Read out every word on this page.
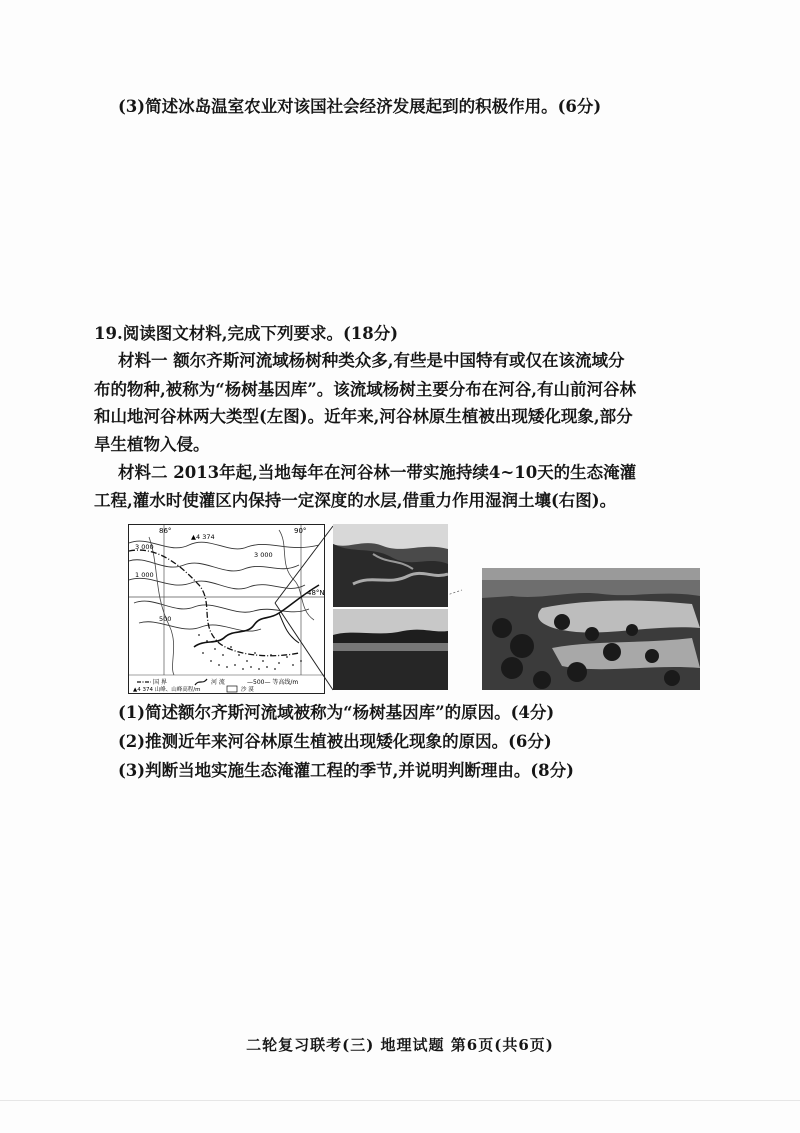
(3)简述冰岛温室农业对该国社会经济发展起到的积极作用。(6分)
19.阅读图文材料,完成下列要求。(18分)
材料一 额尔齐斯河流域杨树种类众多,有些是中国特有或仅在该流域分
布的物种,被称为“杨树基因库”。该流域杨树主要分布在河谷,有山前河谷林
和山地河谷林两大类型(左图)。近年来,河谷林原生植被出现矮化现象,部分
旱生植物入侵。
材料二 2013年起,当地每年在河谷林一带实施持续4~10天的生态淹灌
工程,灌水时使灌区内保持一定深度的水层,借重力作用湿润土壤(右图)。
86°	90°
48°N
3 000
3 000
1 000
500
▲4 374
国 界	河 流	—500— 等高线/m
▲4 374 山峰、山峰高程/m	沙 漠
(1)简述额尔齐斯河流域被称为“杨树基因库”的原因。(4分)
(2)推测近年来河谷林原生植被出现矮化现象的原因。(6分)
(3)判断当地实施生态淹灌工程的季节,并说明判断理由。(8分)
二轮复习联考(三) 地理试题 第6页(共6页)
